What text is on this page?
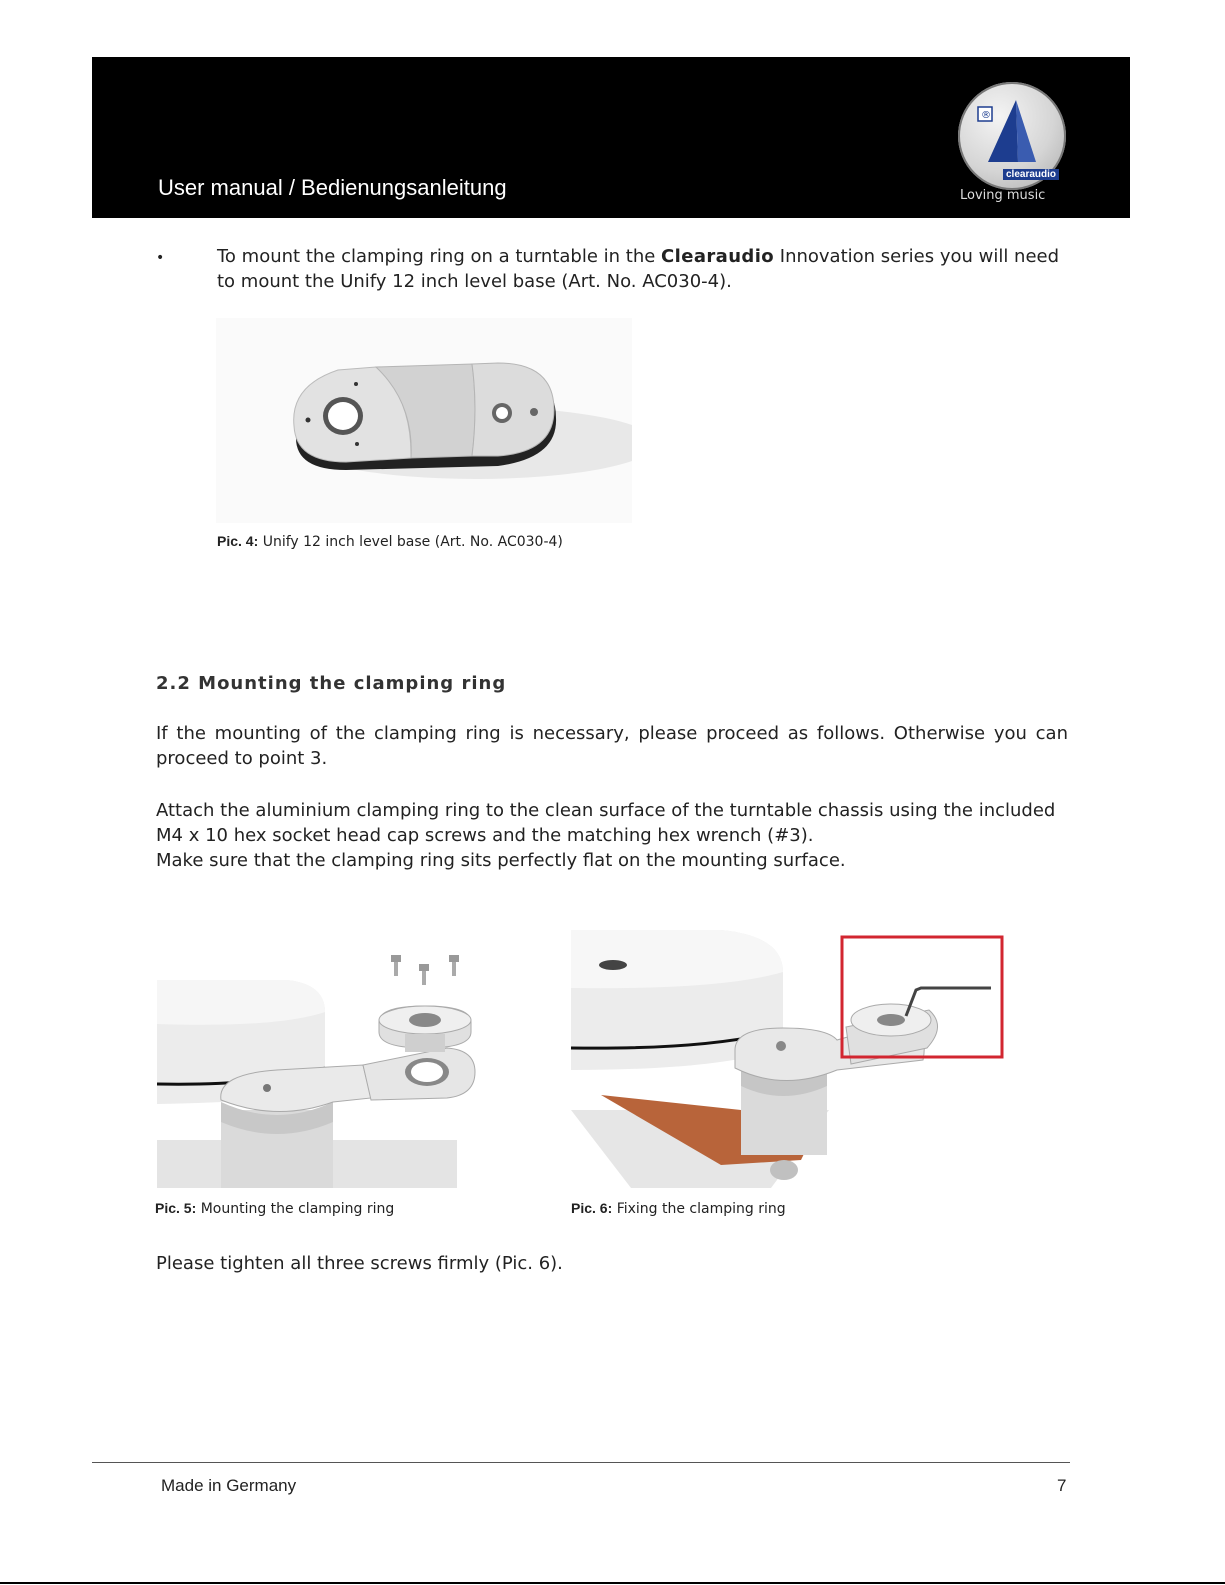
User manual / Bedienungsanleitung
®
clearaudio
Loving music
•	To mount the clamping ring on a turntable in the Clearaudio Innovation series you will need to mount the Unify 12 inch level base (Art. No. AC030-4).
Pic. 4: Unify 12 inch level base (Art. No. AC030-4)
2.2 Mounting the clamping ring
If the mounting of the clamping ring is necessary, please proceed as follows. Otherwise you can proceed to point 3.
Attach the aluminium clamping ring to the clean surface of the turntable chassis using the included M4 x 10 hex socket head cap screws and the matching hex wrench (#3).
Make sure that the clamping ring sits perfectly flat on the mounting surface.
Pic. 5: Mounting the clamping ring	Pic. 6: Fixing the clamping ring
Please tighten all three screws firmly (Pic. 6).
Made in Germany	7
